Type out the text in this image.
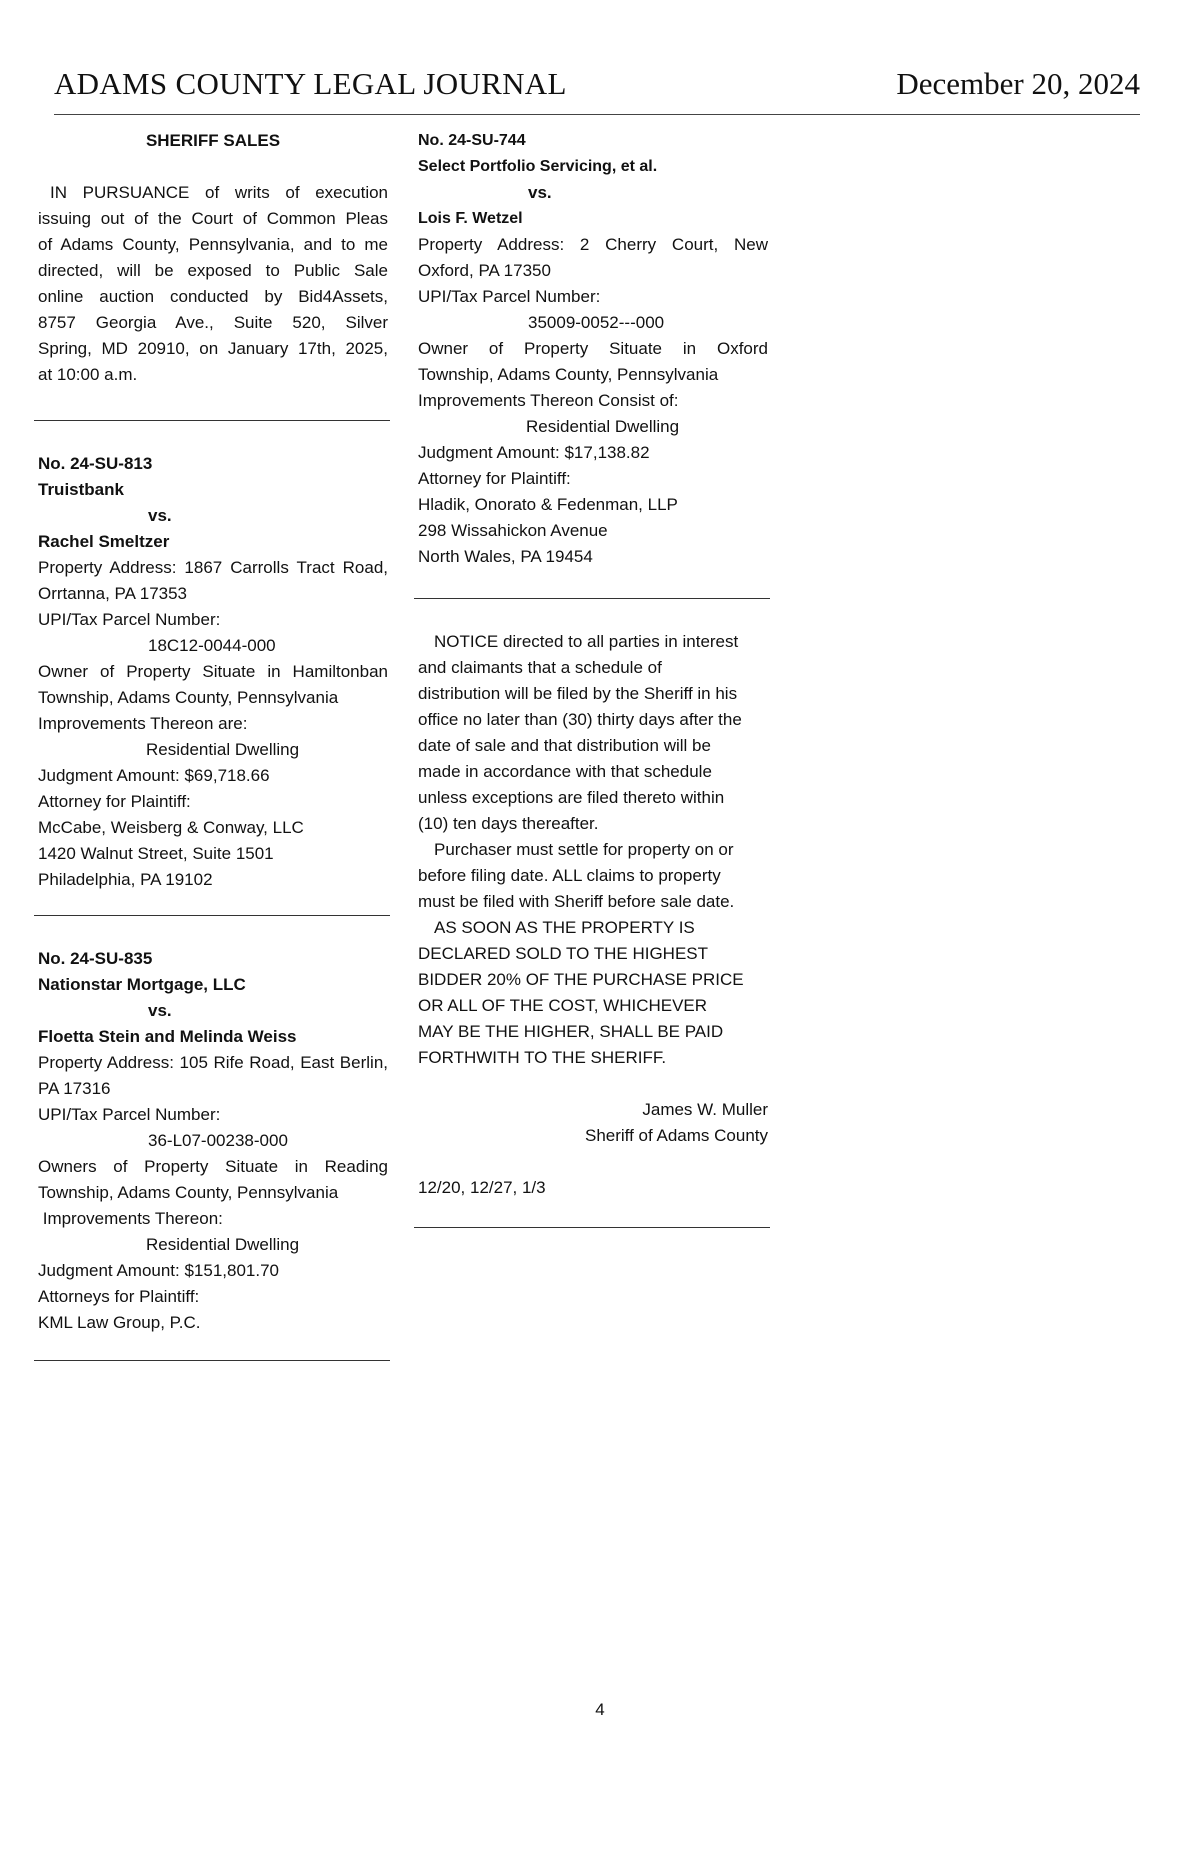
ADAMS COUNTY LEGAL JOURNAL	December 20, 2024
SHERIFF SALES
IN PURSUANCE of writs of execution
issuing out of the Court of Common Pleas
of Adams County, Pennsylvania, and to me
directed, will be exposed to Public Sale
online auction conducted by Bid4Assets,
8757 Georgia Ave., Suite 520, Silver
Spring, MD 20910, on January 17th, 2025,
at 10:00 a.m.
No. 24-SU-813
Truistbank
vs.
Rachel Smeltzer
Property Address: 1867 Carrolls Tract Road,
Orrtanna, PA 17353
UPI/Tax Parcel Number:
18C12-0044-000
Owner of Property Situate in Hamiltonban
Township, Adams County, Pennsylvania
Improvements Thereon are:
Residential Dwelling
Judgment Amount: $69,718.66
Attorney for Plaintiff:
McCabe, Weisberg & Conway, LLC
1420 Walnut Street, Suite 1501
Philadelphia, PA 19102
No. 24-SU-835
Nationstar Mortgage, LLC
vs.
Floetta Stein and Melinda Weiss
Property Address: 105 Rife Road, East Berlin,
PA 17316
UPI/Tax Parcel Number:
36-L07-00238-000
Owners of Property Situate in Reading
Township, Adams County, Pennsylvania
Improvements Thereon:
Residential Dwelling
Judgment Amount: $151,801.70
Attorneys for Plaintiff:
KML Law Group, P.C.
No. 24-SU-744
Select Portfolio Servicing, et al.
vs.
Lois F. Wetzel
Property Address: 2 Cherry Court, New
Oxford, PA 17350
UPI/Tax Parcel Number:
35009-0052---000
Owner of Property Situate in Oxford
Township, Adams County, Pennsylvania
Improvements Thereon Consist of:
Residential Dwelling
Judgment Amount: $17,138.82
Attorney for Plaintiff:
Hladik, Onorato & Fedenman, LLP
298 Wissahickon Avenue
North Wales, PA 19454
NOTICE directed to all parties in interest
and claimants that a schedule of
distribution will be filed by the Sheriff in his
office no later than (30) thirty days after the
date of sale and that distribution will be
made in accordance with that schedule
unless exceptions are filed thereto within
(10) ten days thereafter.
Purchaser must settle for property on or
before filing date. ALL claims to property
must be filed with Sheriff before sale date.
AS SOON AS THE PROPERTY IS
DECLARED SOLD TO THE HIGHEST
BIDDER 20% OF THE PURCHASE PRICE
OR ALL OF THE COST, WHICHEVER
MAY BE THE HIGHER, SHALL BE PAID
FORTHWITH TO THE SHERIFF.
James W. Muller
Sheriff of Adams County
12/20, 12/27, 1/3
4
